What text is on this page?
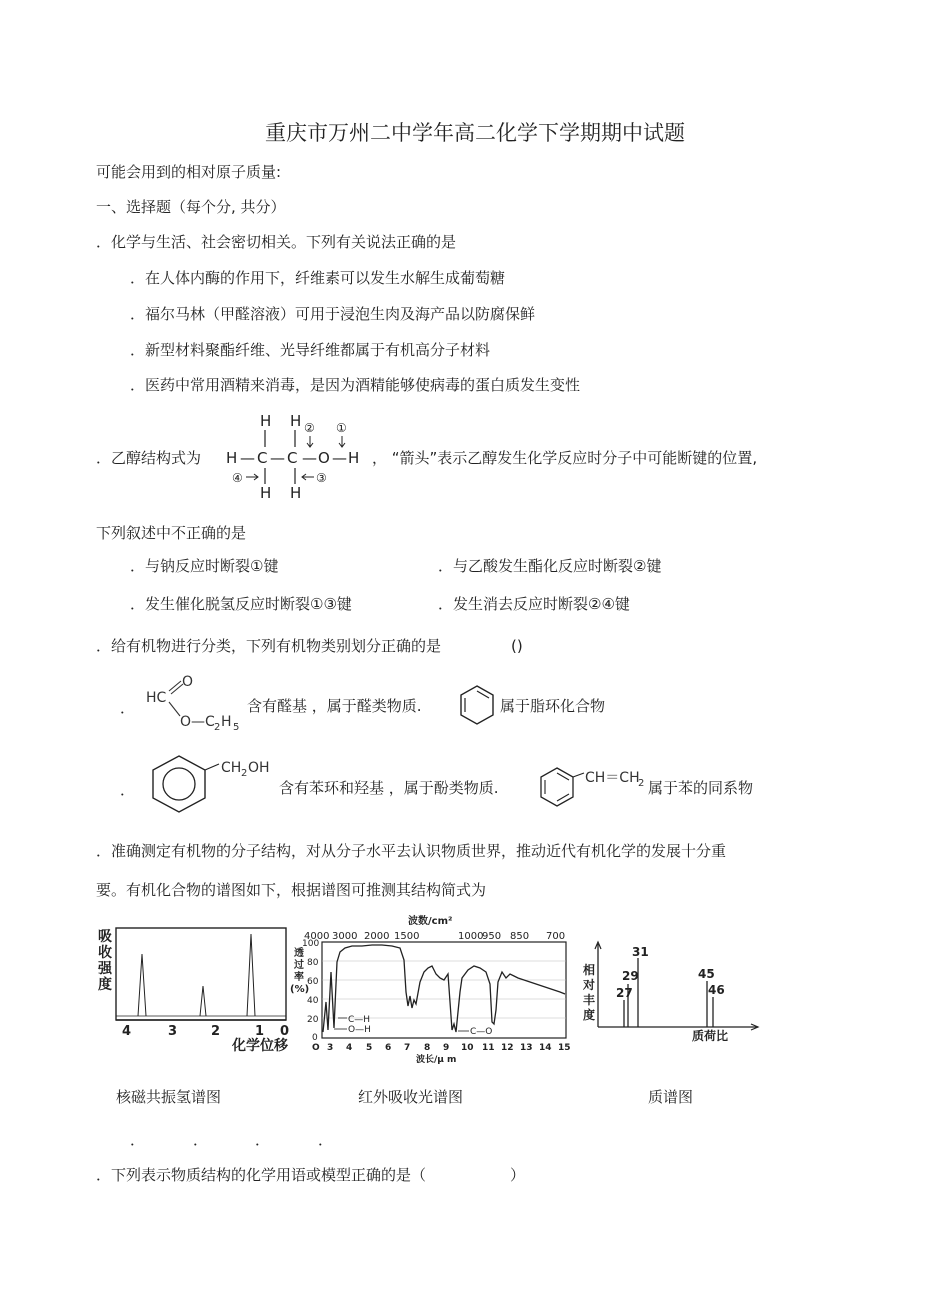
重庆市万州二中学年高二化学下学期期中试题
可能会用到的相对原子质量:
一、选择题（每个分, 共分）
．化学与生活、社会密切相关。下列有关说法正确的是
．在人体内酶的作用下，纤维素可以发生水解生成葡萄糖
．福尔马林（甲醛溶液）可用于浸泡生肉及海产品以防腐保鲜
．新型材料聚酯纤维、光导纤维都属于有机高分子材料
．医药中常用酒精来消毒，是因为酒精能够使病毒的蛋白质发生变性
．乙醇结构式为
H H
H C C O H
H H
— — — —
② ①
④	③
， “箭头”表示乙醇发生化学反应时分子中可能断键的位置,
下列叙述中不正确的是
．与钠反应时断裂①键	．与乙酸发生酯化反应时断裂②键
．发生催化脱氢反应时断裂①③键	．发生消去反应时断裂②④键
．给有机物进行分类，下列有机物类别划分正确的是	()
．
HC
O
O—C 2 H 5
含有醛基 ，属于醛类物质.	属于脂环化合物
．
CH 2 OH
含有苯环和羟基 ，属于酚类物质.
CH＝CH
2 属于苯的同系物
．准确测定有机物的分子结构，对从分子水平去认识物质世界，推动近代有机化学的发展十分重
要。有机化合物的谱图如下，根据谱图可推测其结构简式为
吸
收
强
度
4	3	2	1 0
化学位移
波数/cm²
4000 3000 2000 1500	1000
950 850 700
透
过
率
(%)
100
80
60
40
20
0
C—H
O—H	C—O
O 3 4 5 6 7 8 9 10 11 12 13 14 15
波长/μ m
相
对
丰
度
27
29
31
45
46
质荷比
核磁共振氢谱图	红外吸收光谱图	质谱图
．	．	．	．
．下列表示物质结构的化学用语或模型正确的是（	）
